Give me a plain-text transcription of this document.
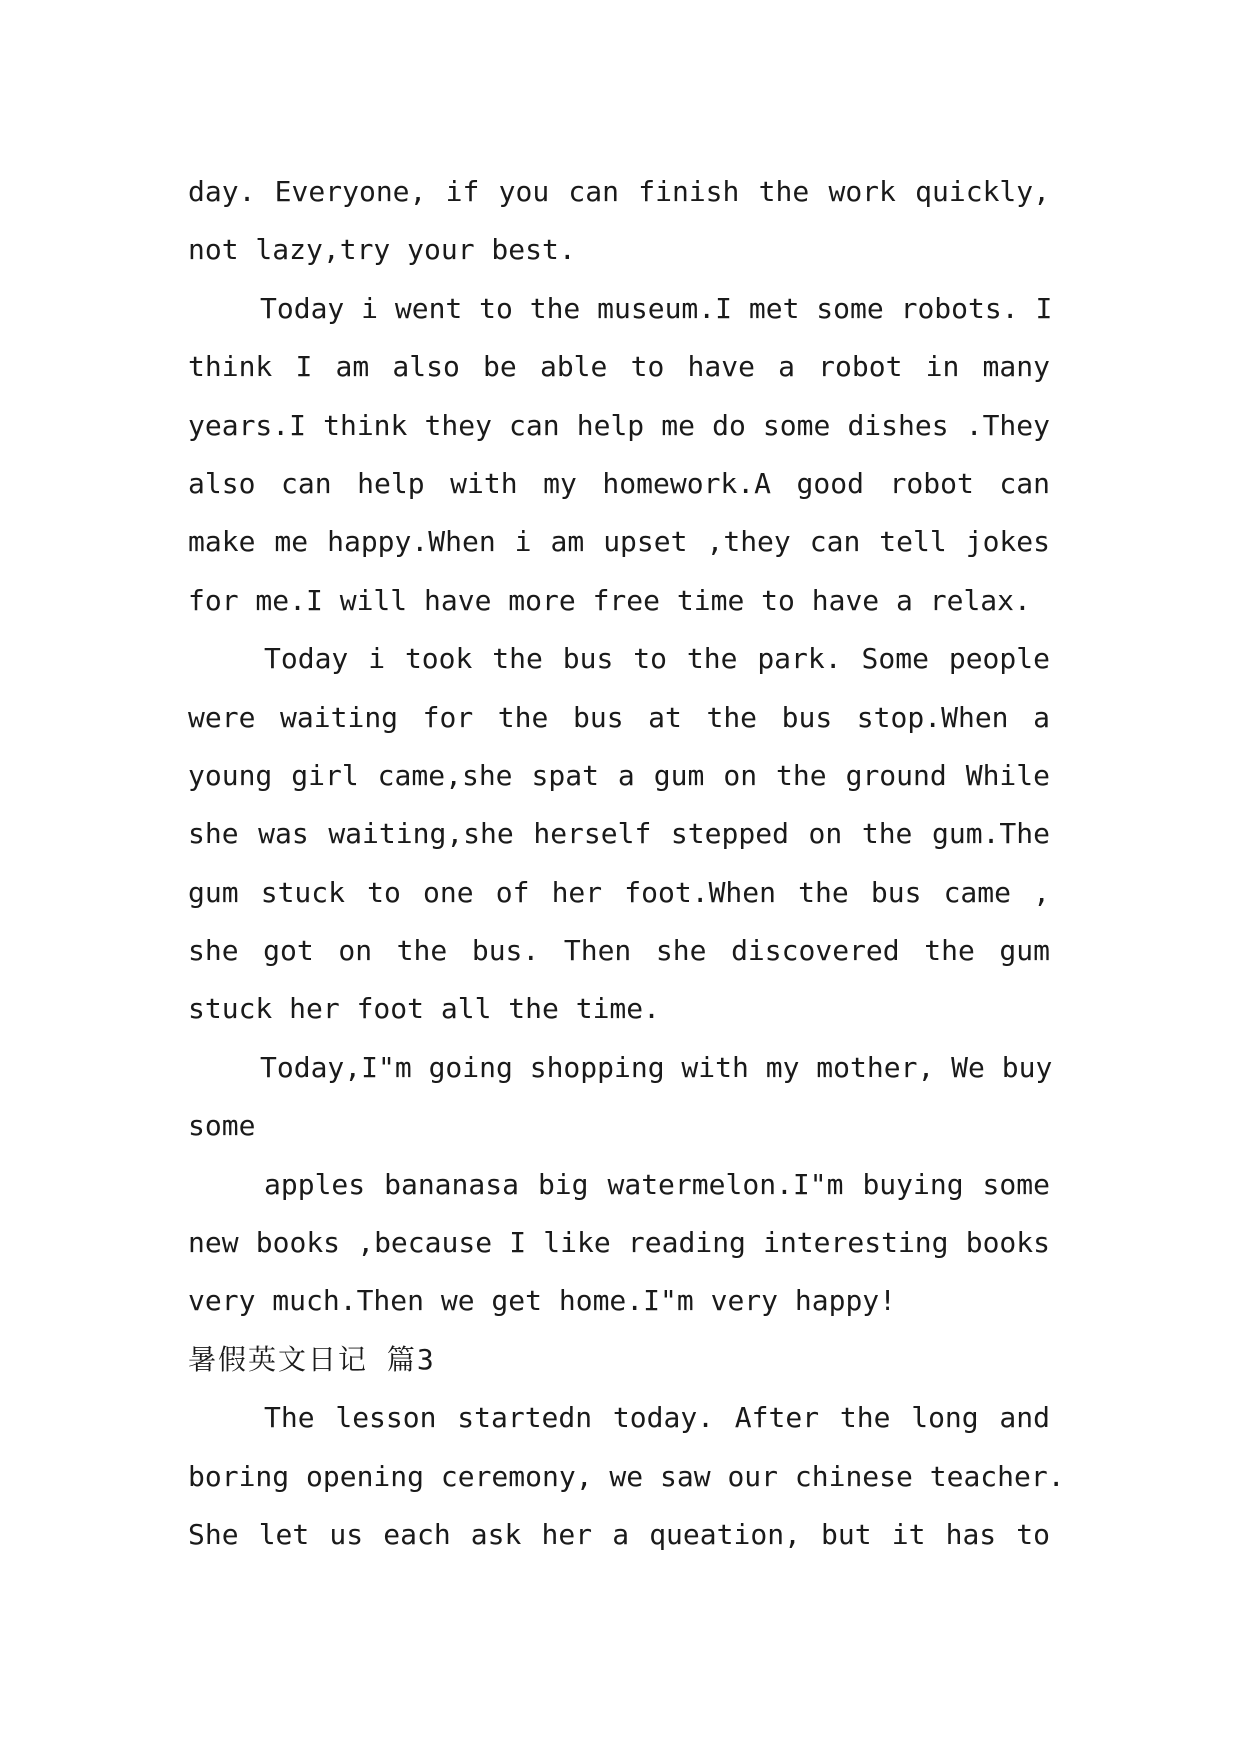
day. Everyone, if you can finish the work quickly,
not lazy,try your best.
Today i went to the museum.I met some robots. I
think I am also be able to have a robot in many
years.I think they can help me do some dishes .They
also can help with my homework.A good robot can
make me happy.When i am upset ,they can tell jokes
for me.I will have more free time to have a relax.
Today i took the bus to the park. Some people
were waiting for the bus at the bus stop.When a
young girl came,she spat a gum on the ground While
she was waiting,she herself stepped on the gum.The
gum stuck to one of her foot.When the bus came ,
she got on the bus. Then she discovered the gum
stuck her foot all the time.
Today,I"m going shopping with my mother, We buy
some
apples bananasa big watermelon.I"m buying some
new books ,because I like reading interesting books
very much.Then we get home.I"m very happy!
暑假英文日记 篇3
The lesson startedn today. After the long and
boring opening ceremony, we saw our chinese teacher.
She let us each ask her a queation, but it has to
